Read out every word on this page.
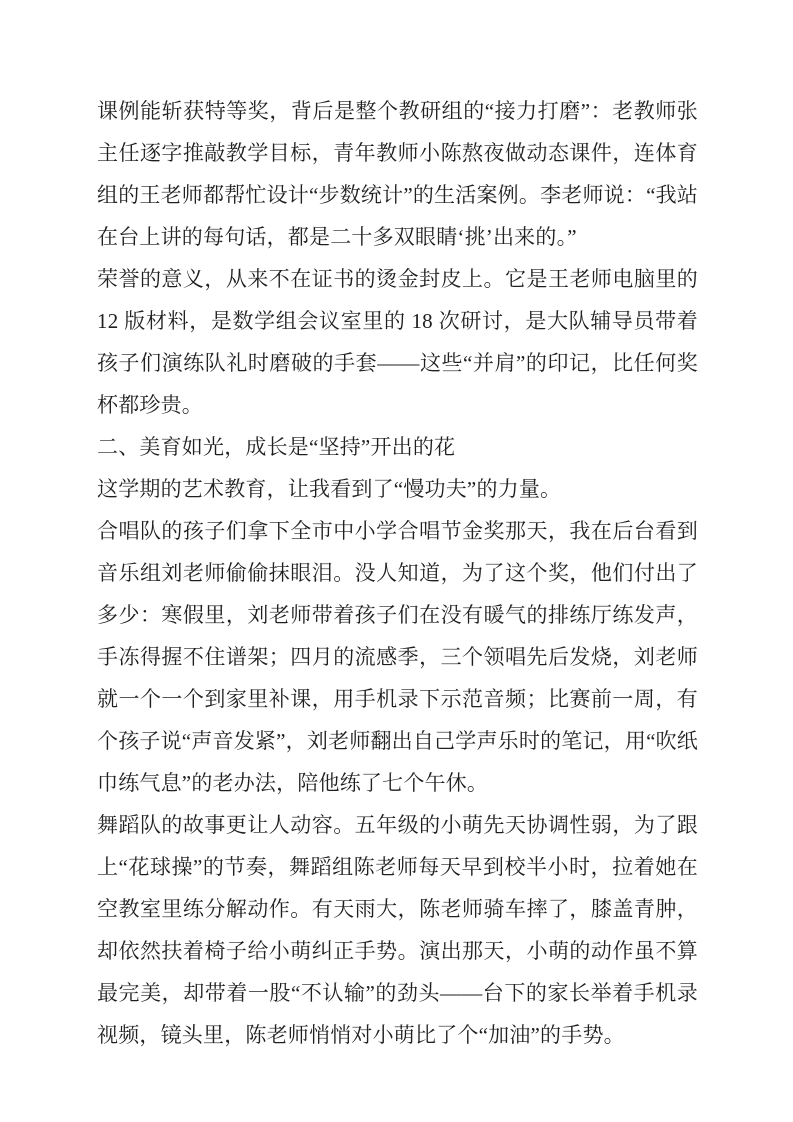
课例能斩获特等奖，背后是整个教研组的“接力打磨”：老教师张主任逐字推敲教学目标，青年教师小陈熬夜做动态课件，连体育组的王老师都帮忙设计“步数统计”的生活案例。李老师说：“我站在台上讲的每句话，都是二十多双眼睛‘挑’出来的。”

荣誉的意义，从来不在证书的烫金封皮上。它是王老师电脑里的 12 版材料，是数学组会议室里的 18 次研讨，是大队辅导员带着孩子们演练队礼时磨破的手套——这些“并肩”的印记，比任何奖杯都珍贵。

二、美育如光，成长是“坚持”开出的花

这学期的艺术教育，让我看到了“慢功夫”的力量。

合唱队的孩子们拿下全市中小学合唱节金奖那天，我在后台看到音乐组刘老师偷偷抹眼泪。没人知道，为了这个奖，他们付出了多少：寒假里，刘老师带着孩子们在没有暖气的排练厅练发声，手冻得握不住谱架；四月的流感季，三个领唱先后发烧，刘老师就一个一个到家里补课，用手机录下示范音频；比赛前一周，有个孩子说“声音发紧”，刘老师翻出自己学声乐时的笔记，用“吹纸巾练气息”的老办法，陪他练了七个午休。

舞蹈队的故事更让人动容。五年级的小萌先天协调性弱，为了跟上“花球操”的节奏，舞蹈组陈老师每天早到校半小时，拉着她在空教室里练分解动作。有天雨大，陈老师骑车摔了，膝盖青肿，却依然扶着椅子给小萌纠正手势。演出那天，小萌的动作虽不算最完美，却带着一股“不认输”的劲头——台下的家长举着手机录视频，镜头里，陈老师悄悄对小萌比了个“加油”的手势。
